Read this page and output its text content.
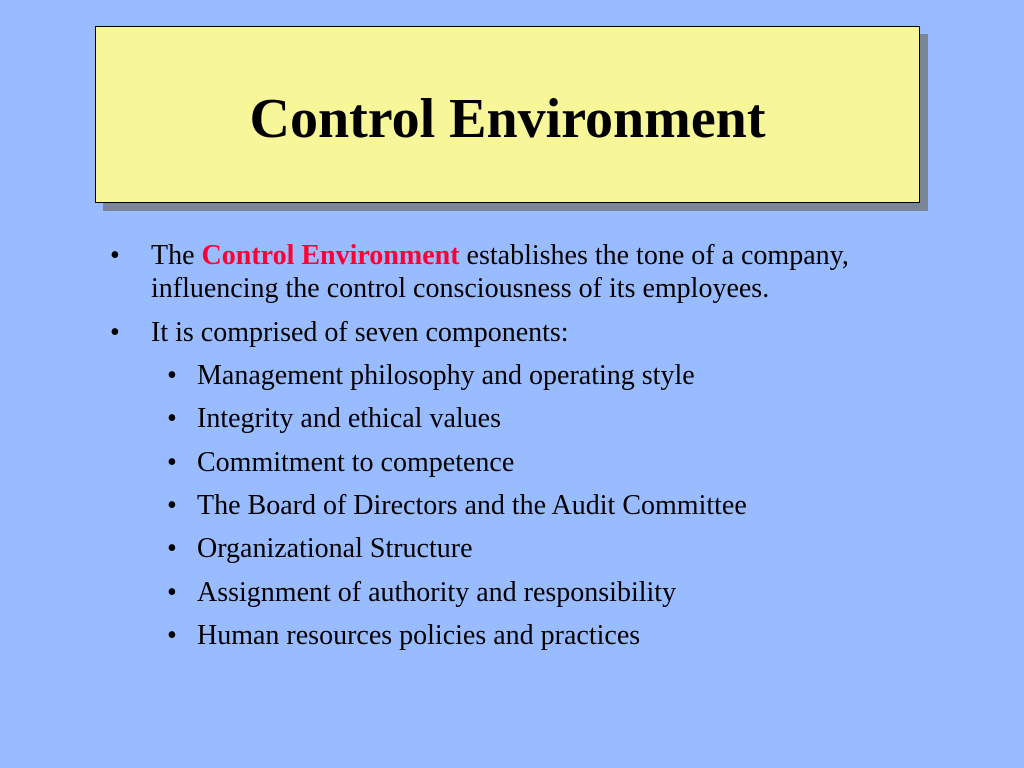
Control Environment
• The Control Environment establishes the tone of a company, influencing the control consciousness of its employees.
• It is comprised of seven components:
• Management philosophy and operating style
• Integrity and ethical values
• Commitment to competence
• The Board of Directors and the Audit Committee
• Organizational Structure
• Assignment of authority and responsibility
• Human resources policies and practices
